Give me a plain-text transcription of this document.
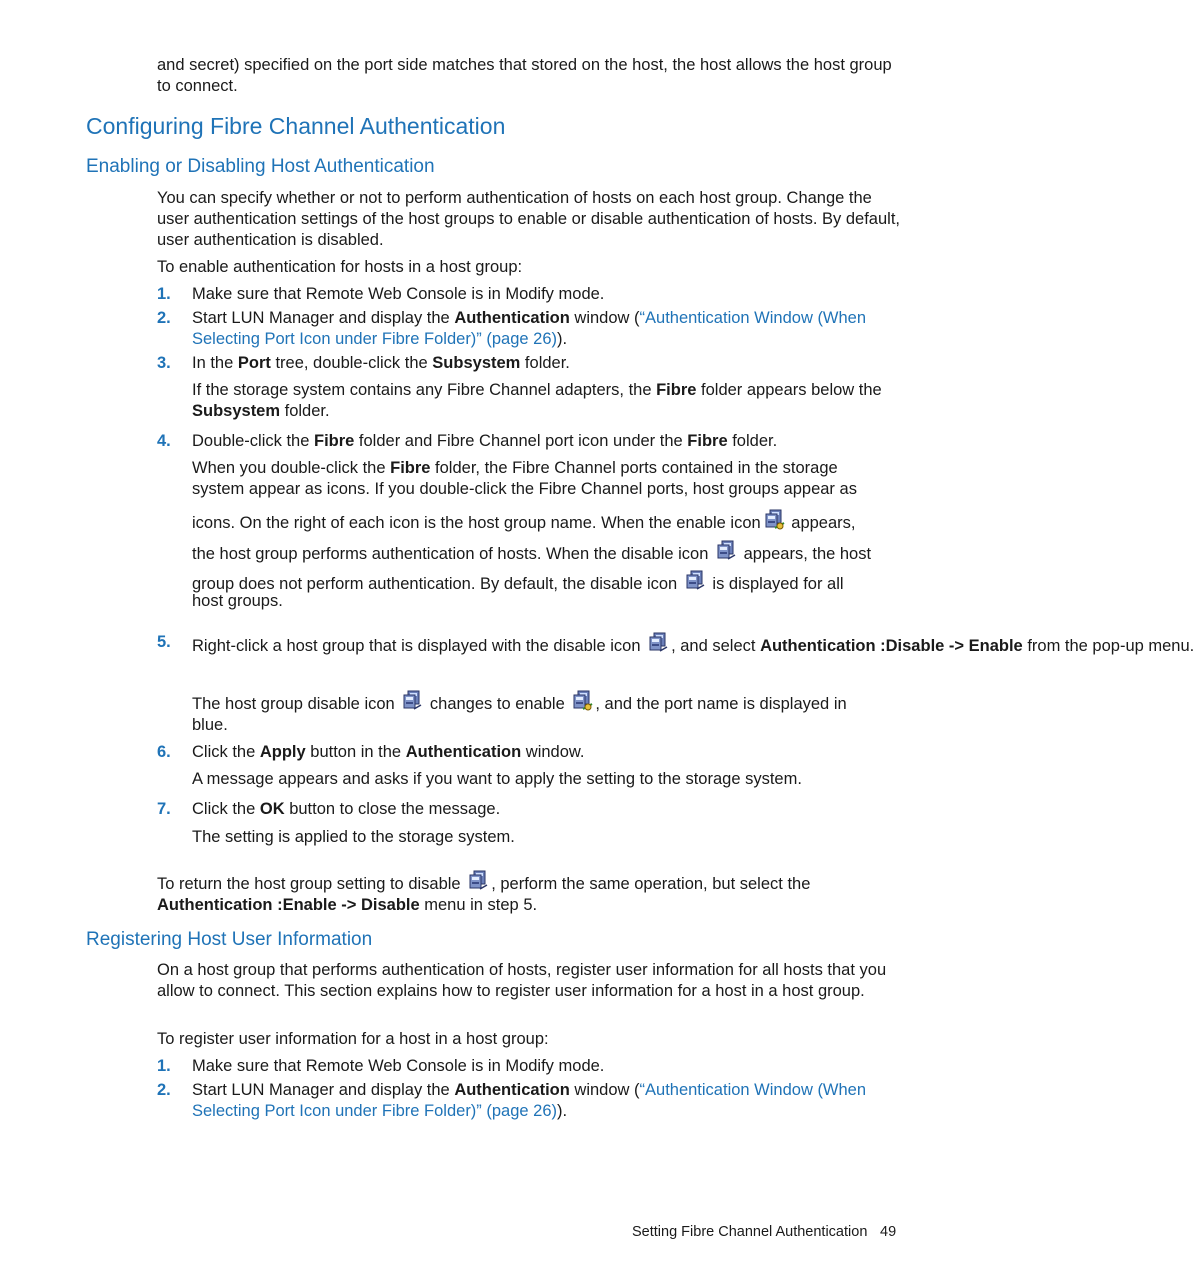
and secret) specified on the port side matches that stored on the host, the host allows the host group to connect.

Configuring Fibre Channel Authentication
Enabling or Disabling Host Authentication

You can specify whether or not to perform authentication of hosts on each host group. Change the user authentication settings of the host groups to enable or disable authentication of hosts. By default, user authentication is disabled.

To enable authentication for hosts in a host group:

1. Make sure that Remote Web Console is in Modify mode.

2. Start LUN Manager and display the Authentication window (“Authentication Window (When Selecting Port Icon under Fibre Folder)” (page 26)).

3. In the Port tree, double-click the Subsystem folder.

If the storage system contains any Fibre Channel adapters, the Fibre folder appears below the Subsystem folder.

4. Double-click the Fibre folder and Fibre Channel port icon under the Fibre folder.

When you double-click the Fibre folder, the Fibre Channel ports contained in the storage
system appear as icons. If you double-click the Fibre Channel ports, host groups appear as
icons. On the right of each icon is the host group name. When the enable icon appears,
the host group performs authentication of hosts. When the disable icon  appears, the host
group does not perform authentication. By default, the disable icon  is displayed for all
host groups.
5. Right-click a host group that is displayed with the disable icon , and select Authentication :Disable -> Enable from the pop-up menu.
The host group disable icon  changes to enable , and the port name is displayed in
blue.
6. Click the Apply button in the Authentication window.

A message appears and asks if you want to apply the setting to the storage system.

7. Click the OK button to close the message.

The setting is applied to the storage system.

To return the host group setting to disable , perform the same operation, but select the
Authentication :Enable -> Disable menu in step 5.
Registering Host User Information

On a host group that performs authentication of hosts, register user information for all hosts that you allow to connect. This section explains how to register user information for a host in a host group.

To register user information for a host in a host group:

1. Make sure that Remote Web Console is in Modify mode.

2. Start LUN Manager and display the Authentication window (“Authentication Window (When Selecting Port Icon under Fibre Folder)” (page 26)).

Setting Fibre Channel Authentication 49
